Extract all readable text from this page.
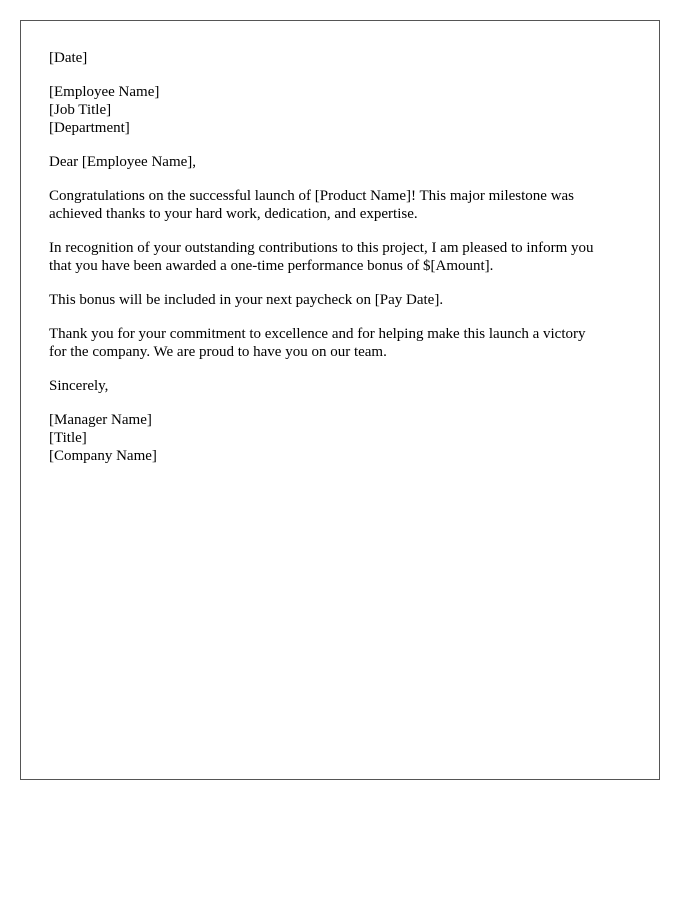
[Date]
[Employee Name]
[Job Title]
[Department]
Dear [Employee Name],
Congratulations on the successful launch of [Product Name]! This major milestone was
achieved thanks to your hard work, dedication, and expertise.
In recognition of your outstanding contributions to this project, I am pleased to inform you
that you have been awarded a one-time performance bonus of $[Amount].
This bonus will be included in your next paycheck on [Pay Date].
Thank you for your commitment to excellence and for helping make this launch a victory
for the company. We are proud to have you on our team.
Sincerely,
[Manager Name]
[Title]
[Company Name]
